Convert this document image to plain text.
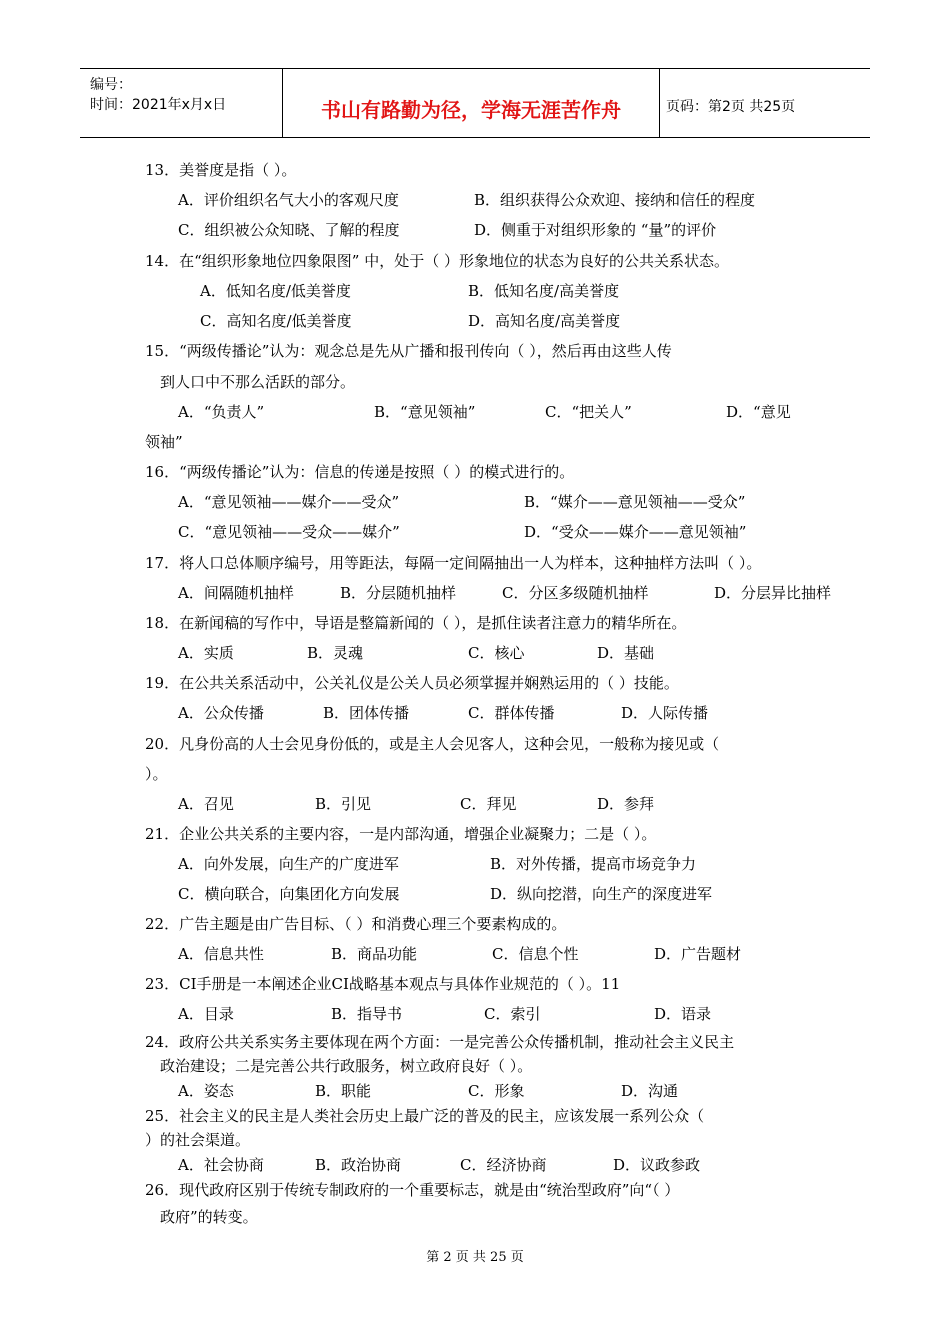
编号：
时间：2021年x月x日	书山有路勤为径，学海无涯苦作舟	页码：第2页 共25页
13．美誉度是指（ ）。
A．评价组织名气大小的客观尺度	B．组织获得公众欢迎、接纳和信任的程度
C．组织被公众知晓、了解的程度	D．侧重于对组织形象的 “量”的评价
14．在“组织形象地位四象限图” 中，处于（ ）形象地位的状态为良好的公共关系状态。
A．低知名度/低美誉度	B．低知名度/高美誉度
C．高知名度/低美誉度	D．高知名度/高美誉度
15．“两级传播论”认为：观念总是先从广播和报刊传向（ ），然后再由这些人传
到人口中不那么活跃的部分。
A．“负责人”	B．“意见领袖”	C．“把关人”	D．“意见
领袖”
16．“两级传播论”认为：信息的传递是按照（ ）的模式进行的。
A．“意见领袖——媒介——受众”	B．“媒介——意见领袖——受众”
C．“意见领袖——受众——媒介”	D．“受众——媒介——意见领袖”
17．将人口总体顺序编号，用等距法，每隔一定间隔抽出一人为样本，这种抽样方法叫（ ）。
A．间隔随机抽样	B．分层随机抽样	C．分区多级随机抽样	D．分层异比抽样
18．在新闻稿的写作中，导语是整篇新闻的（ ），是抓住读者注意力的精华所在。
A．实质	B．灵魂	C．核心	D．基础
19．在公共关系活动中，公关礼仪是公关人员必须掌握并娴熟运用的（ ）技能。
A．公众传播	B．团体传播	C．群体传播	D．人际传播
20．凡身份高的人士会见身份低的，或是主人会见客人，这种会见，一般称为接见或（
）。
A．召见	B．引见	C．拜见	D．参拜
21．企业公共关系的主要内容，一是内部沟通，增强企业凝聚力；二是（ ）。
A．向外发展，向生产的广度进军	B．对外传播，提高市场竞争力
C．横向联合，向集团化方向发展	D．纵向挖潜，向生产的深度进军
22．广告主题是由广告目标、（ ）和消费心理三个要素构成的。
A．信息共性	B．商品功能	C．信息个性	D．广告题材
23．CI手册是一本阐述企业CI战略基本观点与具体作业规范的（ ）。11
A．目录	B．指导书	C．索引	D．语录
24．政府公共关系实务主要体现在两个方面：一是完善公众传播机制，推动社会主义民主
政治建设；二是完善公共行政服务，树立政府良好（ ）。
A．姿态	B．职能	C．形象	D．沟通
25．社会主义的民主是人类社会历史上最广泛的普及的民主，应该发展一系列公众（
）的社会渠道。
A．社会协商	B．政治协商	C．经济协商	D．议政参政
26．现代政府区别于传统专制政府的一个重要标志，就是由“统治型政府”向“（ ）
政府”的转变。
第 2 页 共 25 页
